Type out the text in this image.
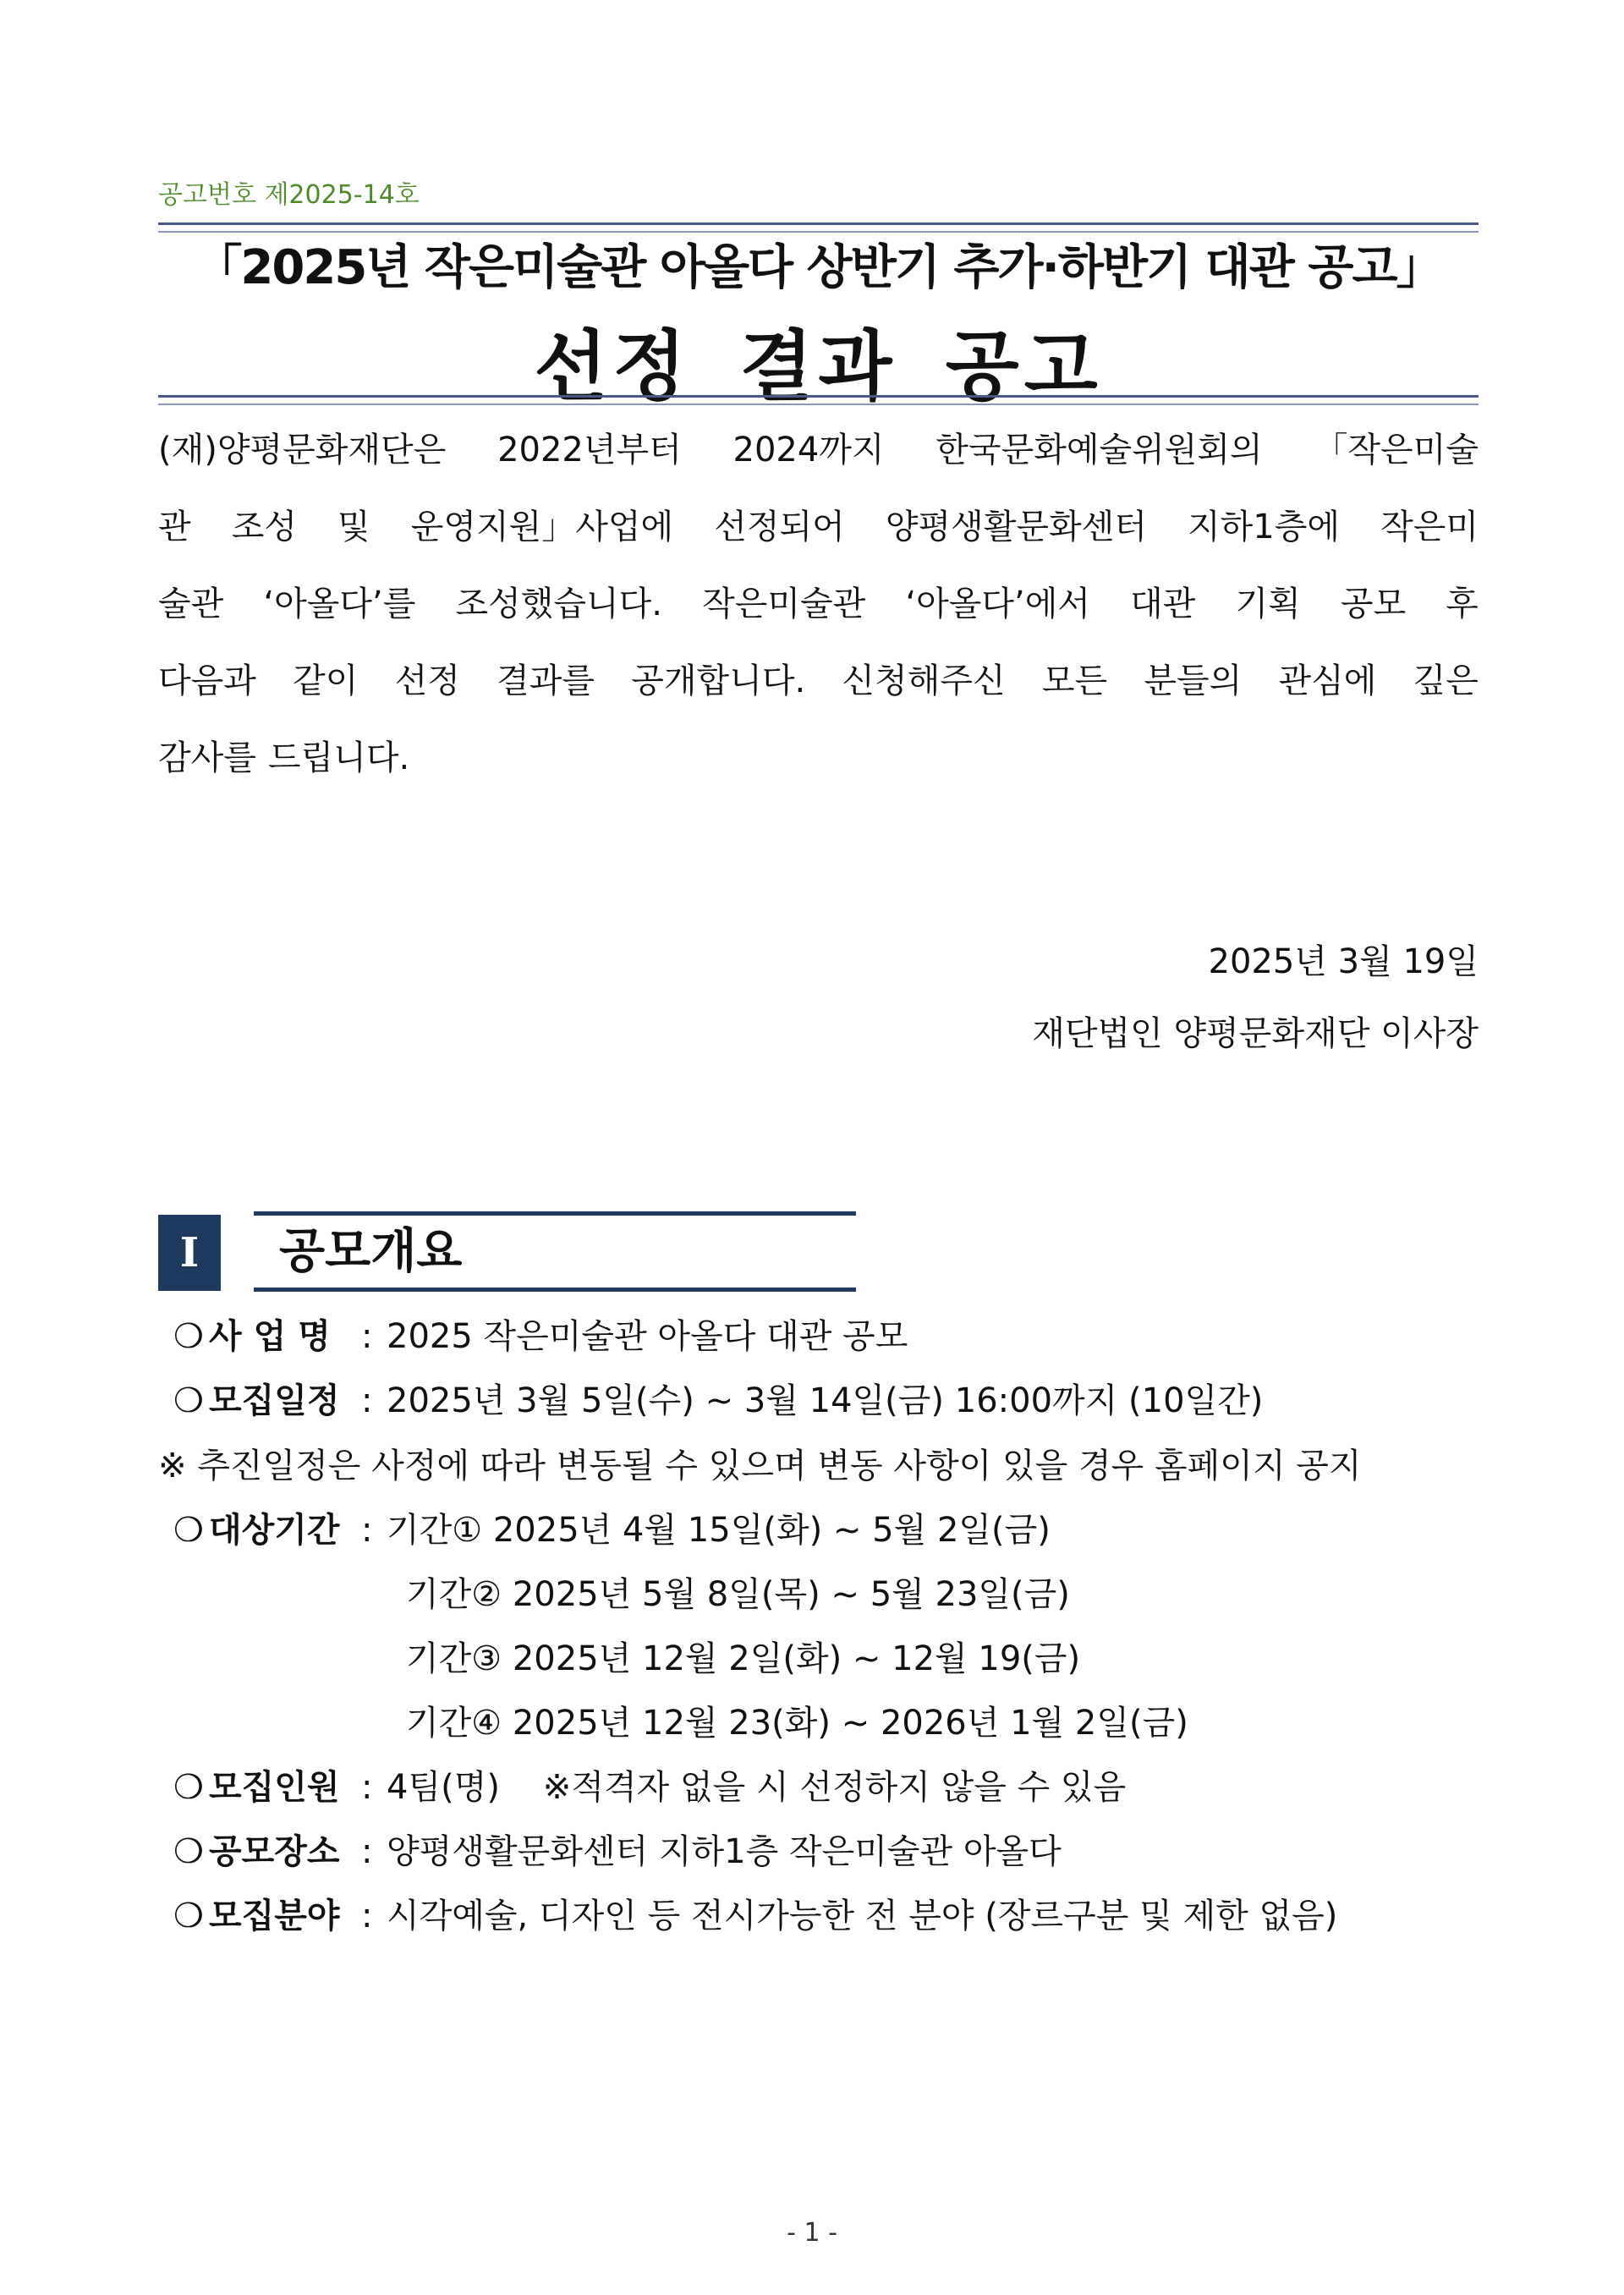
공고번호 제2025-14호
「2025년 작은미술관 아올다 상반기 추가·하반기 대관 공고」
선정 결과 공고
(재)양평문화재단은 2022년부터 2024까지 한국문화예술위원회의 「작은미술
관 조성 및 운영지원」사업에 선정되어 양평생활문화센터 지하1층에 작은미
술관 ‘아올다’를 조성했습니다. 작은미술관 ‘아올다’에서 대관 기획 공모 후
다음과 같이 선정 결과를 공개합니다. 신청해주신 모든 분들의 관심에 깊은
감사를 드립니다.
2025년 3월 19일
재단법인 양평문화재단 이사장
I	공모개요
❍ 사 업 명 : 2025 작은미술관 아올다 대관 공모
❍ 모집일정 : 2025년 3월 5일(수) ~ 3월 14일(금) 16:00까지 (10일간)
※ 추진일정은 사정에 따라 변동될 수 있으며 변동 사항이 있을 경우 홈페이지 공지
❍ 대상기간 : 기간① 2025년 4월 15일(화) ~ 5월 2일(금)
기간② 2025년 5월 8일(목) ~ 5월 23일(금)
기간③ 2025년 12월 2일(화) ~ 12월 19(금)
기간④ 2025년 12월 23(화) ~ 2026년 1월 2일(금)
❍ 모집인원 : 4팀(명)    ※적격자 없을 시 선정하지 않을 수 있음
❍ 공모장소 : 양평생활문화센터 지하1층 작은미술관 아올다
❍ 모집분야 : 시각예술, 디자인 등 전시가능한 전 분야 (장르구분 및 제한 없음)
- 1 -
